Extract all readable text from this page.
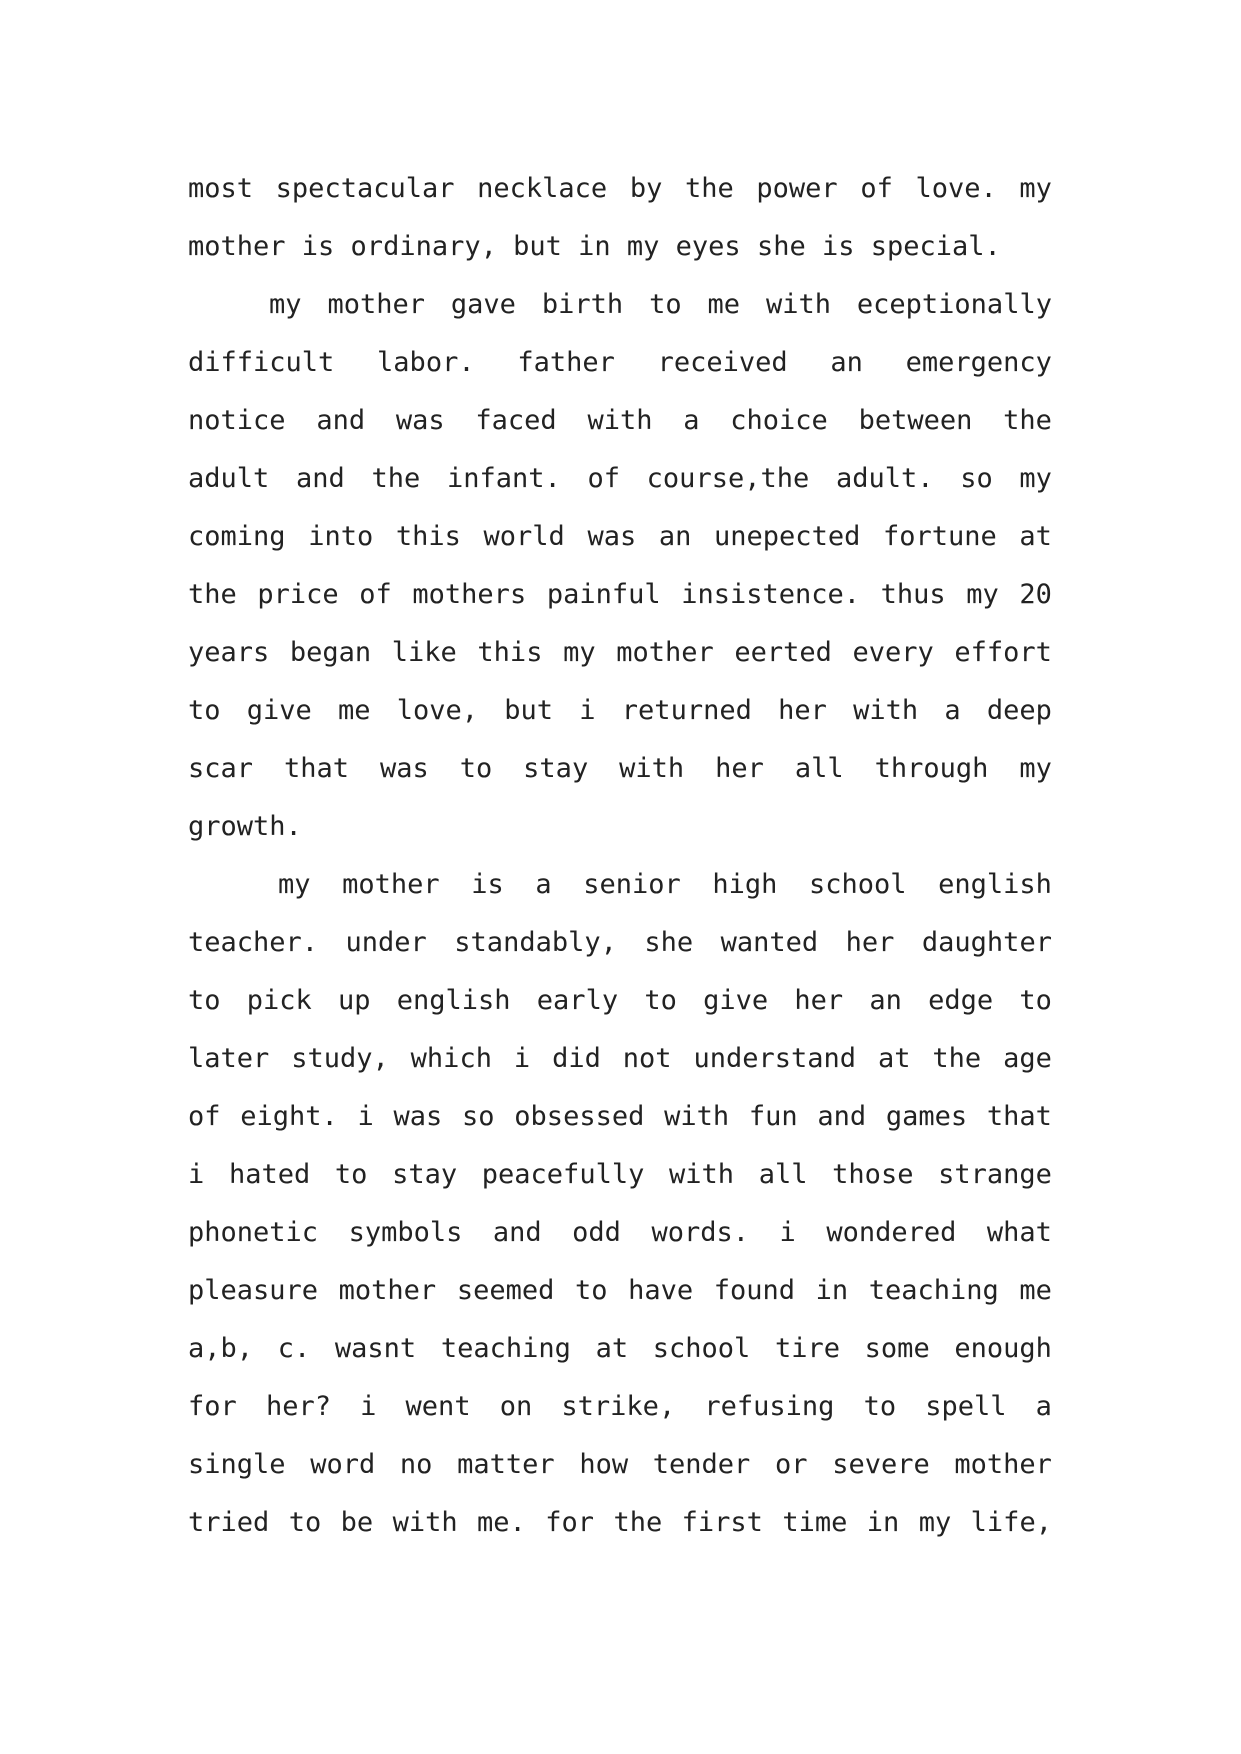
most spectacular necklace by the power of love. my
mother is ordinary, but in my eyes she is special.
my mother gave birth to me with eceptionally
difficult labor. father received an emergency
notice and was faced with a choice between the
adult and the infant. of course,the adult. so my
coming into this world was an unepected fortune at
the price of mothers painful insistence. thus my 20
years began like this my mother eerted every effort
to give me love, but i returned her with a deep
scar that was to stay with her all through my
growth.
my mother is a senior high school english
teacher. under standably, she wanted her daughter
to pick up english early to give her an edge to
later study, which i did not understand at the age
of eight. i was so obsessed with fun and games that
i hated to stay peacefully with all those strange
phonetic symbols and odd words. i wondered what
pleasure mother seemed to have found in teaching me
a,b, c. wasnt teaching at school tire some enough
for her? i went on strike, refusing to spell a
single word no matter how tender or severe mother
tried to be with me. for the first time in my life,
